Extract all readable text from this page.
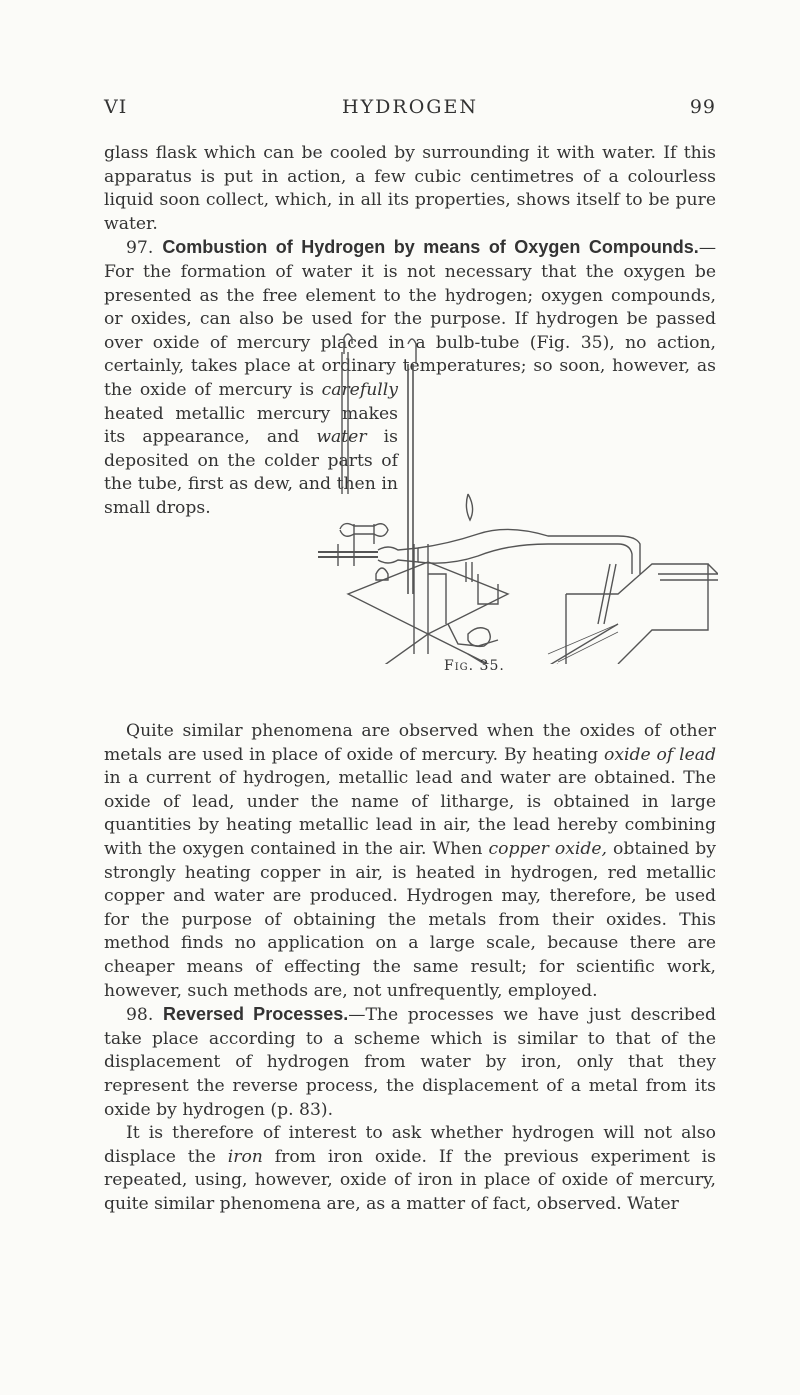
VI	HYDROGEN	99

glass flask which can be cooled by surrounding it with water. If this apparatus is put in action, a few cubic centimetres of a colourless liquid soon collect, which, in all its properties, shows itself to be pure water.

97. Combustion of Hydrogen by means of Oxygen Compounds.—For the formation of water it is not necessary that the oxygen be presented as the free element to the hydrogen; oxygen compounds, or oxides, can also be used for the purpose. If hydrogen be passed over oxide of mercury placed in a bulb-tube (Fig. 35), no action, certainly, takes place at ordinary temperatures; so soon, however, as the oxide of mercury is
carefully heated metallic mercury makes its appearance, and water is deposited on the colder parts of the tube, first as dew, and then in small drops.

Fig. 35.

Quite similar phenomena are observed when the oxides of other metals are used in place of oxide of mercury. By heating oxide of lead in a current of hydrogen, metallic lead and water are obtained. The oxide of lead, under the name of litharge, is obtained in large quantities by heating metallic lead in air, the lead hereby combining with the oxygen contained in the air. When copper oxide, obtained by strongly heating copper in air, is heated in hydrogen, red metallic copper and water are produced. Hydrogen may, therefore, be used for the purpose of obtaining the metals from their oxides. This method finds no application on a large scale, because there are cheaper means of effecting the same result; for scientific work, however, such methods are, not unfrequently, employed.

98. Reversed Processes.—The processes we have just described take place according to a scheme which is similar to that of the displacement of hydrogen from water by iron, only that they represent the reverse process, the displacement of a metal from its oxide by hydrogen (p. 83).

It is therefore of interest to ask whether hydrogen will not also displace the iron from iron oxide. If the previous experiment is repeated, using, however, oxide of iron in place of oxide of mercury, quite similar phenomena are, as a matter of fact, observed. Water
